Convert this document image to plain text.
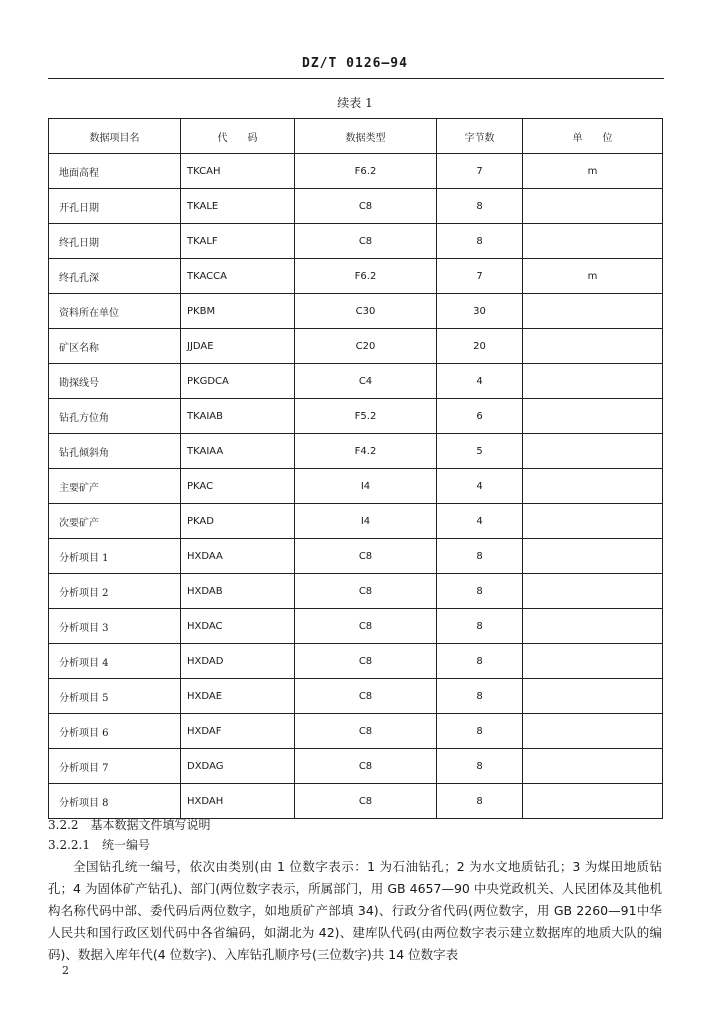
DZ/T 0126—94
续表 1
数据项目名	代　　码	数据类型	字节数	单　　位
地面高程	TKCAH	F6.2	7	m
开孔日期	TKALE	C8	8	
终孔日期	TKALF	C8	8	
终孔孔深	TKACCA	F6.2	7	m
资料所在单位	PKBM	C30	30	
矿区名称	JJDAE	C20	20	
勘探线号	PKGDCA	C4	4	
钻孔方位角	TKAIAB	F5.2	6	
钻孔倾斜角	TKAIAA	F4.2	5	
主要矿产	PKAC	I4	4	
次要矿产	PKAD	I4	4	
分析项目 1	HXDAA	C8	8	
分析项目 2	HXDAB	C8	8	
分析项目 3	HXDAC	C8	8	
分析项目 4	HXDAD	C8	8	
分析项目 5	HXDAE	C8	8	
分析项目 6	HXDAF	C8	8	
分析项目 7	DXDAG	C8	8	
分析项目 8	HXDAH	C8	8	
3.2.2　基本数据文件填写说明
3.2.2.1　统一编号
全国钻孔统一编号，依次由类别(由 1 位数字表示：1 为石油钻孔；2 为水文地质钻孔；3 为煤田地质钻孔；4 为固体矿产钻孔)、部门(两位数字表示，所属部门，用 GB 4657—90 中央党政机关、人民团体及其他机构名称代码中部、委代码后两位数字，如地质矿产部填 34)、行政分省代码(两位数字，用 GB 2260—91中华人民共和国行政区划代码中各省编码，如湖北为 42)、建库队代码(由两位数字表示建立数据库的地质大队的编码)、数据入库年代(4 位数字)、入库钻孔顺序号(三位数字)共 14 位数字表
2
